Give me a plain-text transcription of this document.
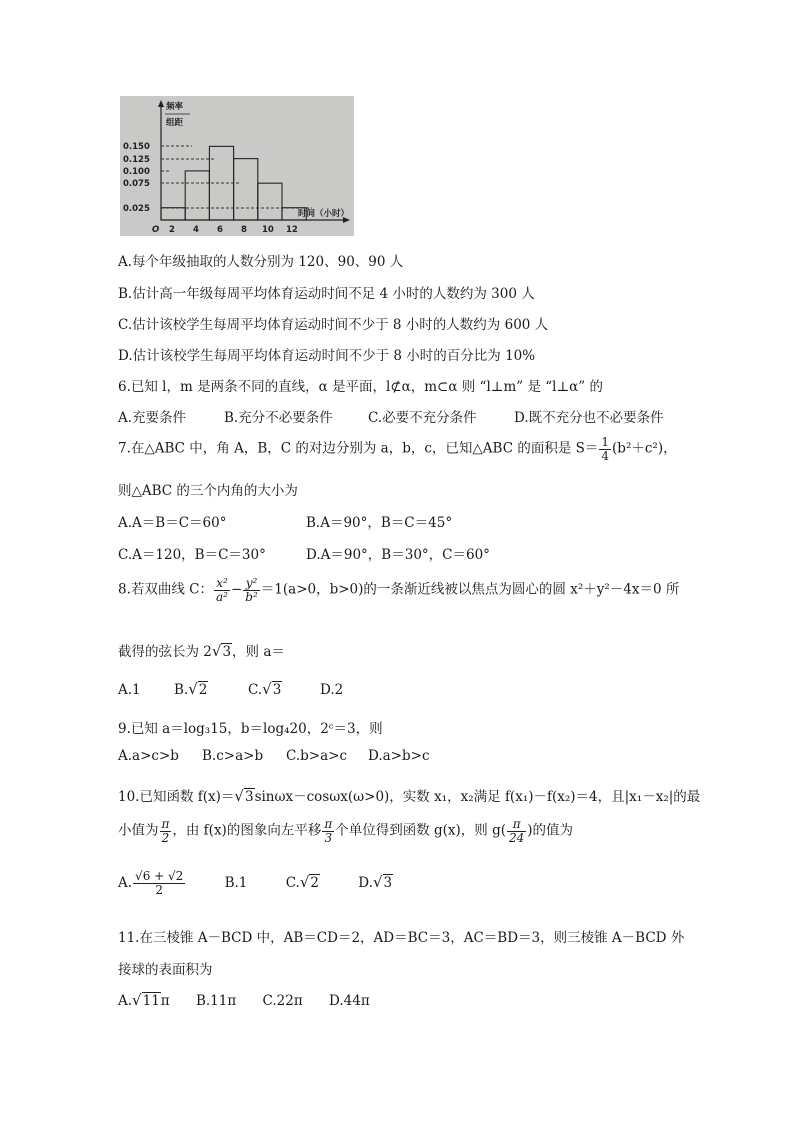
0.150
0.125
0.100
0.075
0.025
频率
组距
O 2 4 6 8 10 12
时间（小时）
A.每个年级抽取的人数分别为 120、90、90 人
B.估计高一年级每周平均体育运动时间不足 4 小时的人数约为 300 人
C.估计该校学生每周平均体育运动时间不少于 8 小时的人数约为 600 人
D.估计该校学生每周平均体育运动时间不少于 8 小时的百分比为 10%
6.已知 l，m 是两条不同的直线，α 是平面，l⊄α，m⊂α 则 “l⊥m” 是 “l⊥α” 的
A.充要条件	B.充分不必要条件	C.必要不充分条件	D.既不充分也不必要条件
7.在△ABC 中，角 A，B，C 的对边分别为 a，b，c，已知△ABC 的面积是 $S= \frac{1}{4} (b^2+c^2)$，
则△ABC 的三个内角的大小为
A.A＝B＝C＝60°	B.A＝90°，B＝C＝45°
C.A＝120，B＝C＝30°	D.A＝90°，B＝30°，C＝60°
8.若双曲线 C： $\frac{\text{x²}}{\text{a²}} - \frac{\text{y²}}{\text{b²}} =1(a>0$，b>0)的一条渐近线被以焦点为圆心的圆 x²＋y²－4x＝0 所
截得的弦长为 2√3，则 a＝
A.1 B.√2	C.√3	D.2
9.已知 a＝log₃15，b＝log₄20，2ᶜ＝3，则
A.a>c>b B.c>a>b C.b>a>c D.a>b>c
10.已知函数 f(x)＝√3sinωx－cosωx(ω>0)，实数 x₁，x₂满足 f(x₁)－f(x₂)＝4，且|x₁－x₂|的最
小值为 $\frac{\pi}{2}$ ，由 f(x)的图象向左平移 $\frac{\pi}{3}$ 个单位得到函数 g(x)，则 $g( \frac{\pi}{24}$ )的值为
A. $\frac{√6 + √2}{2}$	B.1	C.√2	D.√3
11.在三棱锥 A－BCD 中，AB＝CD＝2，AD＝BC＝3，AC＝BD＝3，则三棱锥 A－BCD 外
接球的表面积为
A.√11π B.11π C.22π D.44π
